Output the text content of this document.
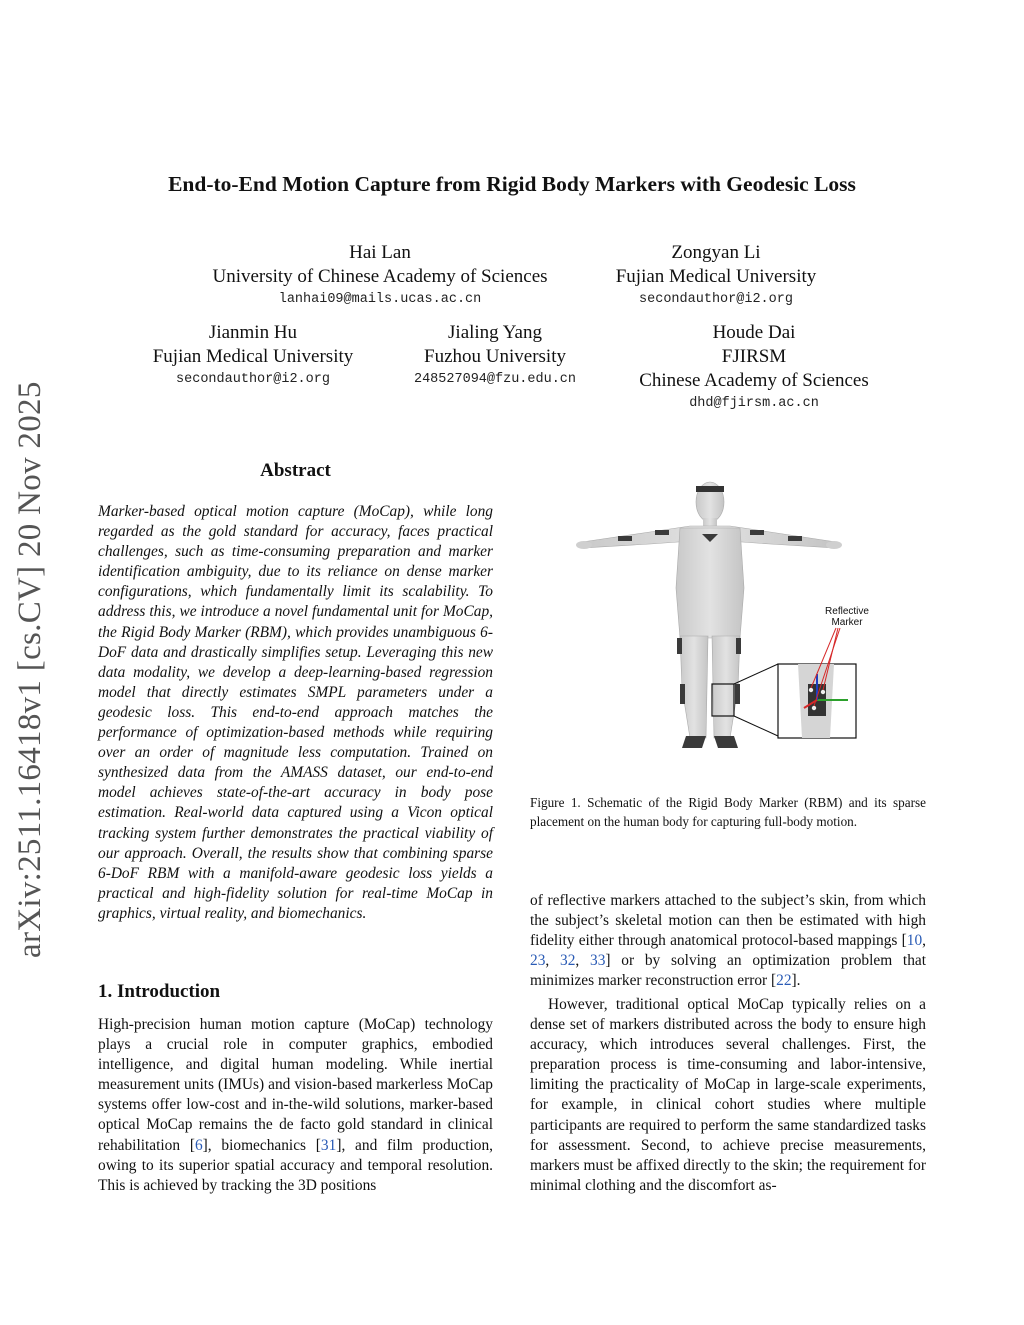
arXiv:2511.16418v1 [cs.CV] 20 Nov 2025
End-to-End Motion Capture from Rigid Body Markers with Geodesic Loss
Hai Lan
University of Chinese Academy of Sciences
lanhai09@mails.ucas.ac.cn
Zongyan Li
Fujian Medical University
secondauthor@i2.org
Jianmin Hu
Fujian Medical University
secondauthor@i2.org
Jialing Yang
Fuzhou University
248527094@fzu.edu.cn
Houde Dai
FJIRSM
Chinese Academy of Sciences
dhd@fjirsm.ac.cn
Abstract
Marker-based optical motion capture (MoCap), while long regarded as the gold standard for accuracy, faces practical challenges, such as time-consuming preparation and marker identification ambiguity, due to its reliance on dense marker configurations, which fundamentally limit its scalability. To address this, we introduce a novel fundamental unit for MoCap, the Rigid Body Marker (RBM), which provides unambiguous 6-DoF data and drastically simplifies setup. Leveraging this new data modality, we develop a deep-learning-based regression model that directly estimates SMPL parameters under a geodesic loss. This end-to-end approach matches the performance of optimization-based methods while requiring over an order of magnitude less computation. Trained on synthesized data from the AMASS dataset, our end-to-end model achieves state-of-the-art accuracy in body pose estimation. Real-world data captured using a Vicon optical tracking system further demonstrates the practical viability of our approach. Overall, the results show that combining sparse 6-DoF RBM with a manifold-aware geodesic loss yields a practical and high-fidelity solution for real-time MoCap in graphics, virtual reality, and biomechanics.
1. Introduction
High-precision human motion capture (MoCap) technology plays a crucial role in computer graphics, embodied intelligence, and digital human modeling. While inertial measurement units (IMUs) and vision-based markerless MoCap systems offer low-cost and in-the-wild solutions, marker-based optical MoCap remains the de facto gold standard in clinical rehabilitation [6], biomechanics [31], and film production, owing to its superior spatial accuracy and temporal resolution. This is achieved by tracking the 3D positions
Reflective
Marker
Figure 1. Schematic of the Rigid Body Marker (RBM) and its sparse placement on the human body for capturing full-body motion.
of reflective markers attached to the subject’s skin, from which the subject’s skeletal motion can then be estimated with high fidelity either through anatomical protocol-based mappings [10, 23, 32, 33] or by solving an optimization problem that minimizes marker reconstruction error [22].
However, traditional optical MoCap typically relies on a dense set of markers distributed across the body to ensure high accuracy, which introduces several challenges. First, the preparation process is time-consuming and labor-intensive, limiting the practicality of MoCap in large-scale experiments, for example, in clinical cohort studies where multiple participants are required to perform the same standardized tasks for assessment. Second, to achieve precise measurements, markers must be affixed directly to the skin; the requirement for minimal clothing and the discomfort as-
